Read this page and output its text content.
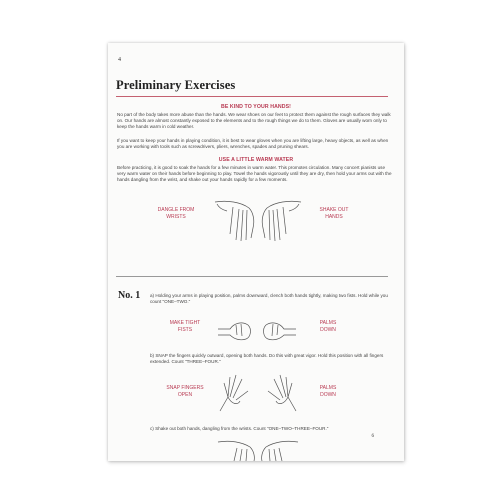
4
Preliminary Exercises
BE KIND TO YOUR HANDS!
No part of the body takes more abuse than the hands. We wear shoes on our feet to protect them against the rough surfaces they walk on. Our hands are almost constantly exposed to the elements and to the rough things we do to them. Gloves are usually worn only to keep the hands warm in cold weather.
If you want to keep your hands in playing condition, it is best to wear gloves when you are lifting large, heavy objects, as well as when you are working with tools such as screwdrivers, pliers, wrenches, spades and pruning shears.
USE A LITTLE WARM WATER
Before practicing, it is good to soak the hands for a few minutes in warm water. This promotes circulation. Many concert pianists use very warm water on their hands before beginning to play. Towel the hands vigorously until they are dry, then hold your arms out with the hands dangling from the wrist, and shake out your hands rapidly for a few moments.
DANGLE FROM
WRISTS
SHAKE OUT
HANDS
No. 1 a) Holding your arms in playing position, palms downward, clench both hands tightly, making two fists. Hold while you count "ONE–TWO."
MAKE TIGHT
FISTS
PALMS
DOWN
b) SNAP the fingers quickly outward, opening both hands. Do this with great vigor. Hold this position with all fingers extended. Count "THREE–FOUR."
SNAP FINGERS
OPEN
PALMS
DOWN
c) Shake out both hands, dangling from the wrists. Count "ONE–TWO–THREE–FOUR."
6
